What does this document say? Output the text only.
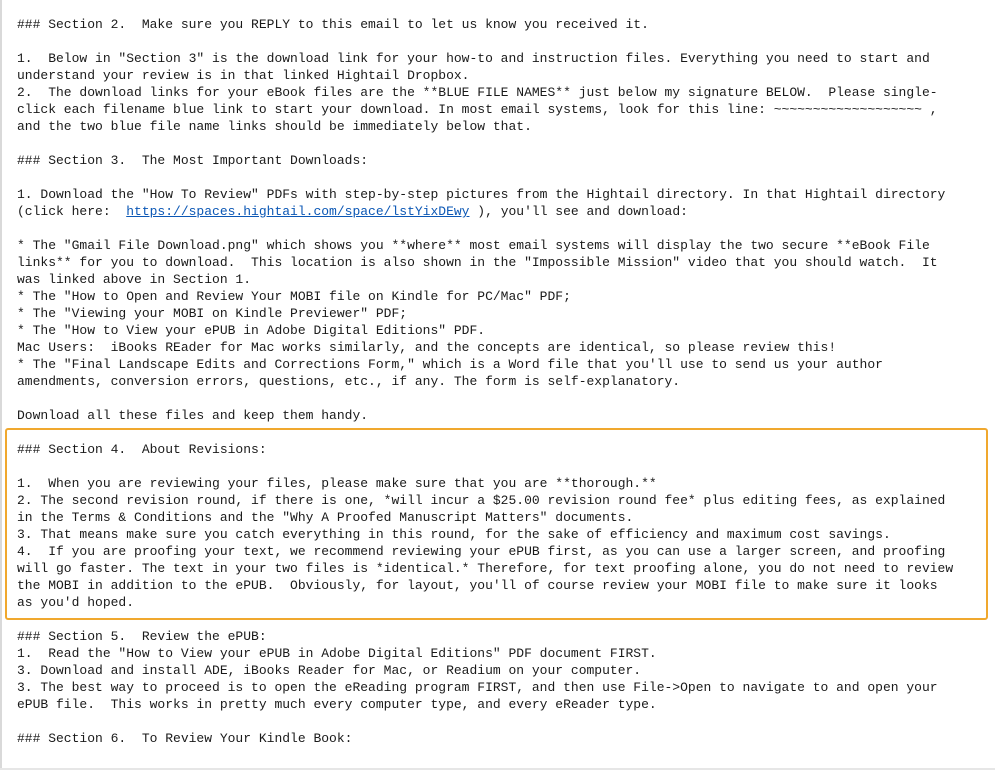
### Section 2.  Make sure you REPLY to this email to let us know you received it.
1.  Below in "Section 3" is the download link for your how-to and instruction files. Everything you need to start and
understand your review is in that linked Hightail Dropbox.
2.  The download links for your eBook files are the **BLUE FILE NAMES** just below my signature BELOW.  Please single-
click each filename blue link to start your download. In most email systems, look for this line: ~~~~~~~~~~~~~~~~~~~ ,
and the two blue file name links should be immediately below that.
### Section 3.  The Most Important Downloads:
1. Download the "How To Review" PDFs with step-by-step pictures from the Hightail directory. In that Hightail directory
(click here:  https://spaces.hightail.com/space/lstYixDEwy ), you'll see and download:
* The "Gmail File Download.png" which shows you **where** most email systems will display the two secure **eBook File
links** for you to download.  This location is also shown in the "Impossible Mission" video that you should watch.  It
was linked above in Section 1.
* The "How to Open and Review Your MOBI file on Kindle for PC/Mac" PDF;
* The "Viewing your MOBI on Kindle Previewer" PDF;
* The "How to View your ePUB in Adobe Digital Editions" PDF.
Mac Users:  iBooks REader for Mac works similarly, and the concepts are identical, so please review this!
* The "Final Landscape Edits and Corrections Form," which is a Word file that you'll use to send us your author
amendments, conversion errors, questions, etc., if any. The form is self-explanatory.
Download all these files and keep them handy.
### Section 4.  About Revisions:
1.  When you are reviewing your files, please make sure that you are **thorough.**
2. The second revision round, if there is one, *will incur a $25.00 revision round fee* plus editing fees, as explained
in the Terms & Conditions and the "Why A Proofed Manuscript Matters" documents.
3. That means make sure you catch everything in this round, for the sake of efficiency and maximum cost savings.
4.  If you are proofing your text, we recommend reviewing your ePUB first, as you can use a larger screen, and proofing
will go faster. The text in your two files is *identical.* Therefore, for text proofing alone, you do not need to review
the MOBI in addition to the ePUB.  Obviously, for layout, you'll of course review your MOBI file to make sure it looks
as you'd hoped.
### Section 5.  Review the ePUB:
1.  Read the "How to View your ePUB in Adobe Digital Editions" PDF document FIRST.
3. Download and install ADE, iBooks Reader for Mac, or Readium on your computer.
3. The best way to proceed is to open the eReading program FIRST, and then use File->Open to navigate to and open your
ePUB file.  This works in pretty much every computer type, and every eReader type.
### Section 6.  To Review Your Kindle Book:
